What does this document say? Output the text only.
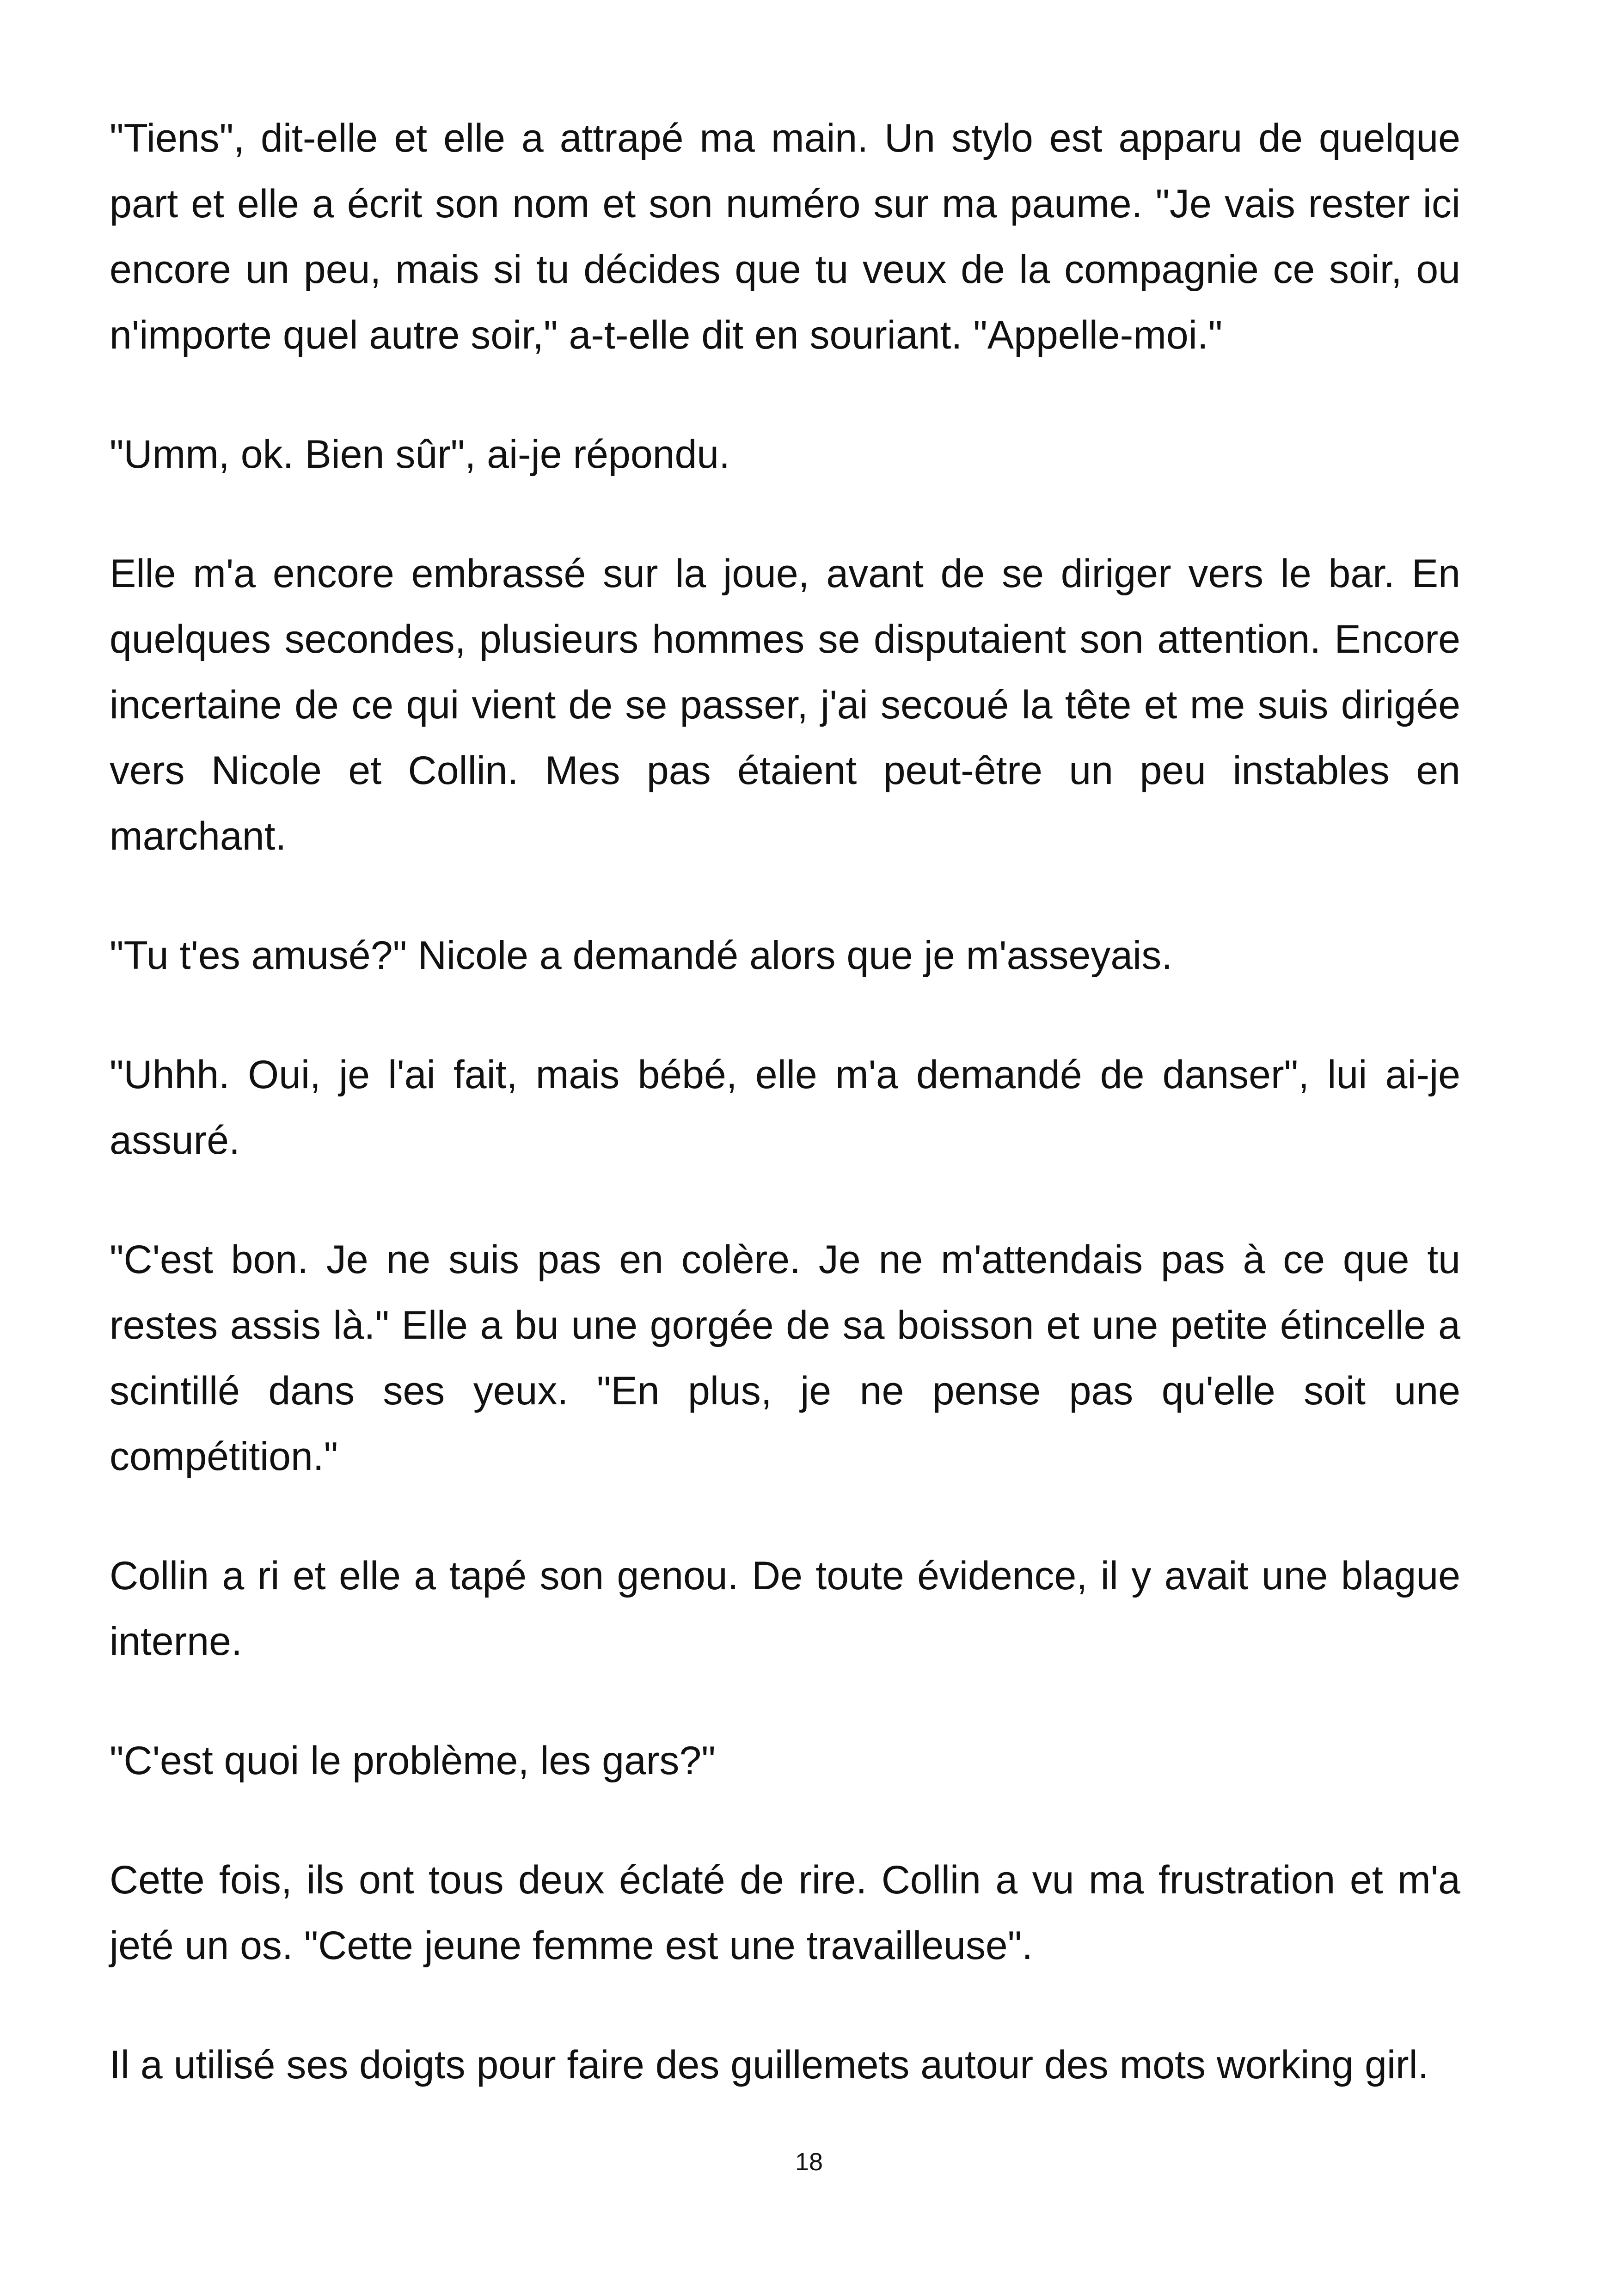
"Tiens", dit-elle et elle a attrapé ma main. Un stylo est apparu de quelque part et elle a écrit son nom et son numéro sur ma paume. "Je vais rester ici encore un peu, mais si tu décides que tu veux de la compagnie ce soir, ou n'importe quel autre soir," a-t-elle dit en souriant. "Appelle-moi."

"Umm, ok. Bien sûr", ai-je répondu.

Elle m'a encore embrassé sur la joue, avant de se diriger vers le bar. En quelques secondes, plusieurs hommes se disputaient son attention. Encore incertaine de ce qui vient de se passer, j'ai secoué la tête et me suis dirigée vers Nicole et Collin. Mes pas étaient peut-être un peu instables en marchant.

"Tu t'es amusé?" Nicole a demandé alors que je m'asseyais.

"Uhhh. Oui, je l'ai fait, mais bébé, elle m'a demandé de danser", lui ai-je assuré.

"C'est bon. Je ne suis pas en colère. Je ne m'attendais pas à ce que tu restes assis là." Elle a bu une gorgée de sa boisson et une petite étincelle a scintillé dans ses yeux. "En plus, je ne pense pas qu'elle soit une compétition."

Collin a ri et elle a tapé son genou. De toute évidence, il y avait une blague interne.

"C'est quoi le problème, les gars?"

Cette fois, ils ont tous deux éclaté de rire. Collin a vu ma frustration et m'a jeté un os. "Cette jeune femme est une travailleuse".

Il a utilisé ses doigts pour faire des guillemets autour des mots working girl.

18
